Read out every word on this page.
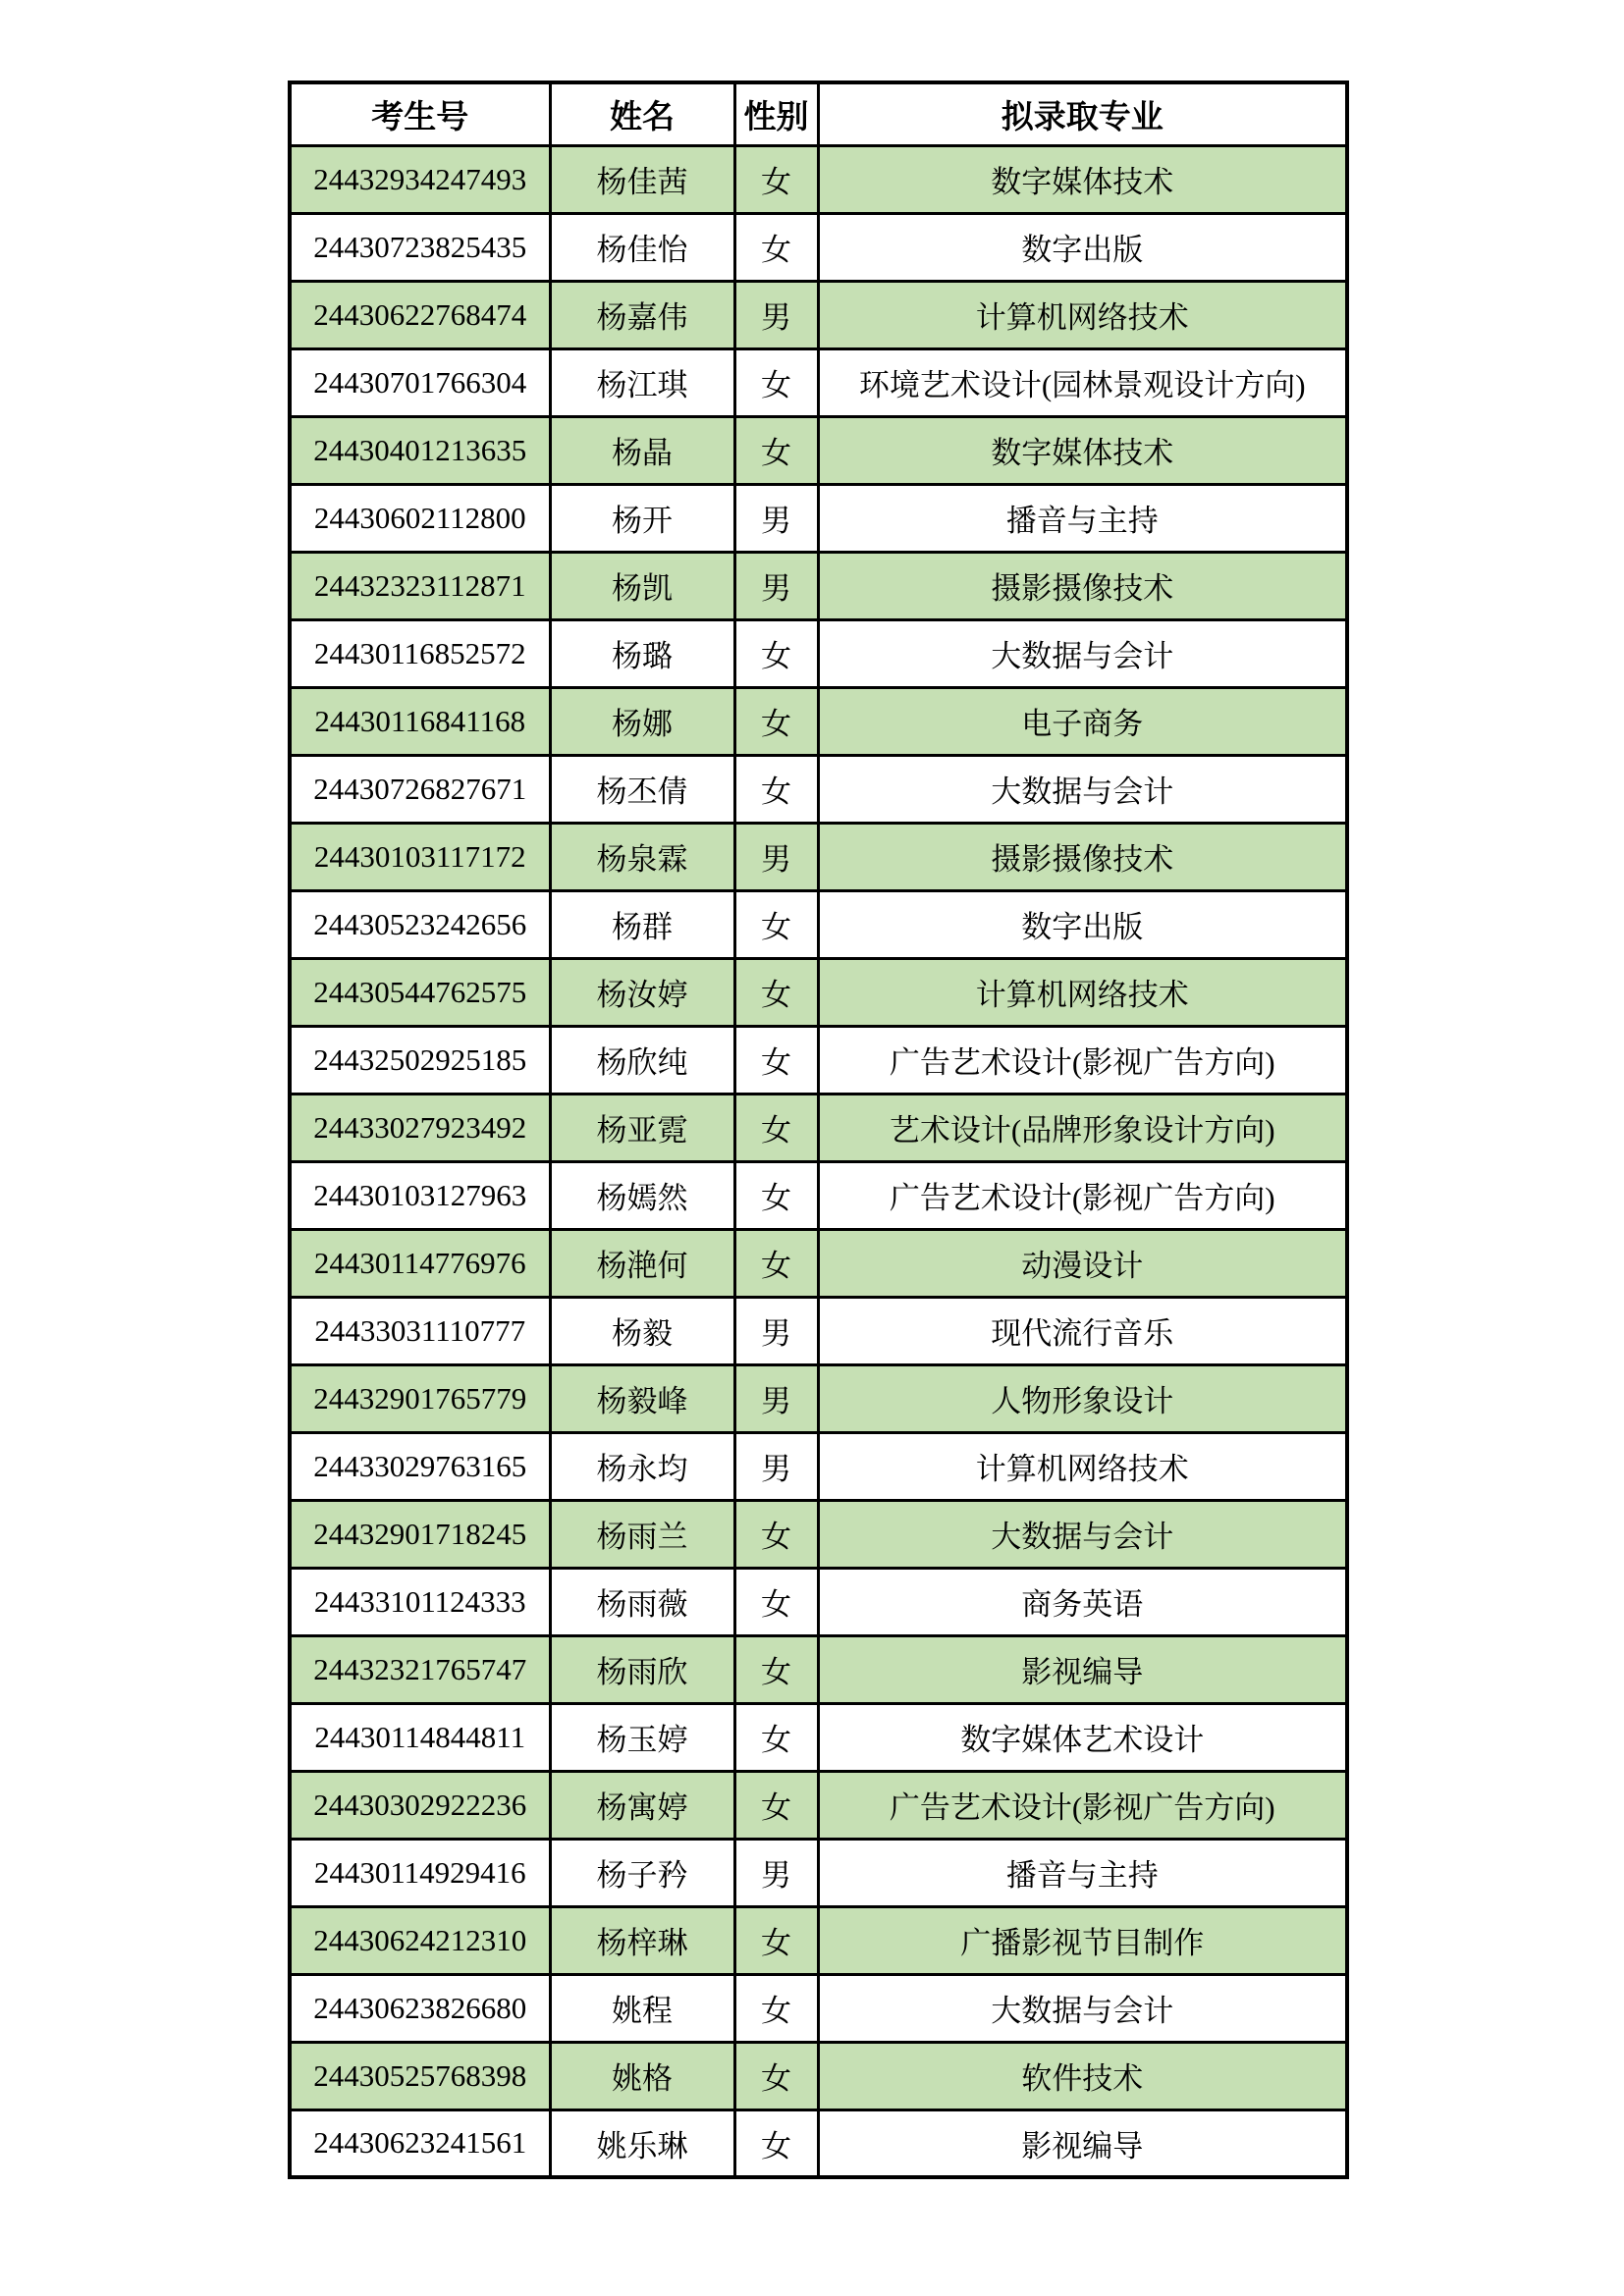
考生号	姓名	性别	拟录取专业
24432934247493	杨佳茜	女	数字媒体技术
24430723825435	杨佳怡	女	数字出版
24430622768474	杨嘉伟	男	计算机网络技术
24430701766304	杨江琪	女	环境艺术设计(园林景观设计方向)
24430401213635	杨晶	女	数字媒体技术
24430602112800	杨开	男	播音与主持
24432323112871	杨凯	男	摄影摄像技术
24430116852572	杨璐	女	大数据与会计
24430116841168	杨娜	女	电子商务
24430726827671	杨丕倩	女	大数据与会计
24430103117172	杨泉霖	男	摄影摄像技术
24430523242656	杨群	女	数字出版
24430544762575	杨汝婷	女	计算机网络技术
24432502925185	杨欣纯	女	广告艺术设计(影视广告方向)
24433027923492	杨亚霓	女	艺术设计(品牌形象设计方向)
24430103127963	杨嫣然	女	广告艺术设计(影视广告方向)
24430114776976	杨滟何	女	动漫设计
24433031110777	杨毅	男	现代流行音乐
24432901765779	杨毅峰	男	人物形象设计
24433029763165	杨永均	男	计算机网络技术
24432901718245	杨雨兰	女	大数据与会计
24433101124333	杨雨薇	女	商务英语
24432321765747	杨雨欣	女	影视编导
24430114844811	杨玉婷	女	数字媒体艺术设计
24430302922236	杨寓婷	女	广告艺术设计(影视广告方向)
24430114929416	杨子矜	男	播音与主持
24430624212310	杨梓琳	女	广播影视节目制作
24430623826680	姚程	女	大数据与会计
24430525768398	姚格	女	软件技术
24430623241561	姚乐琳	女	影视编导
